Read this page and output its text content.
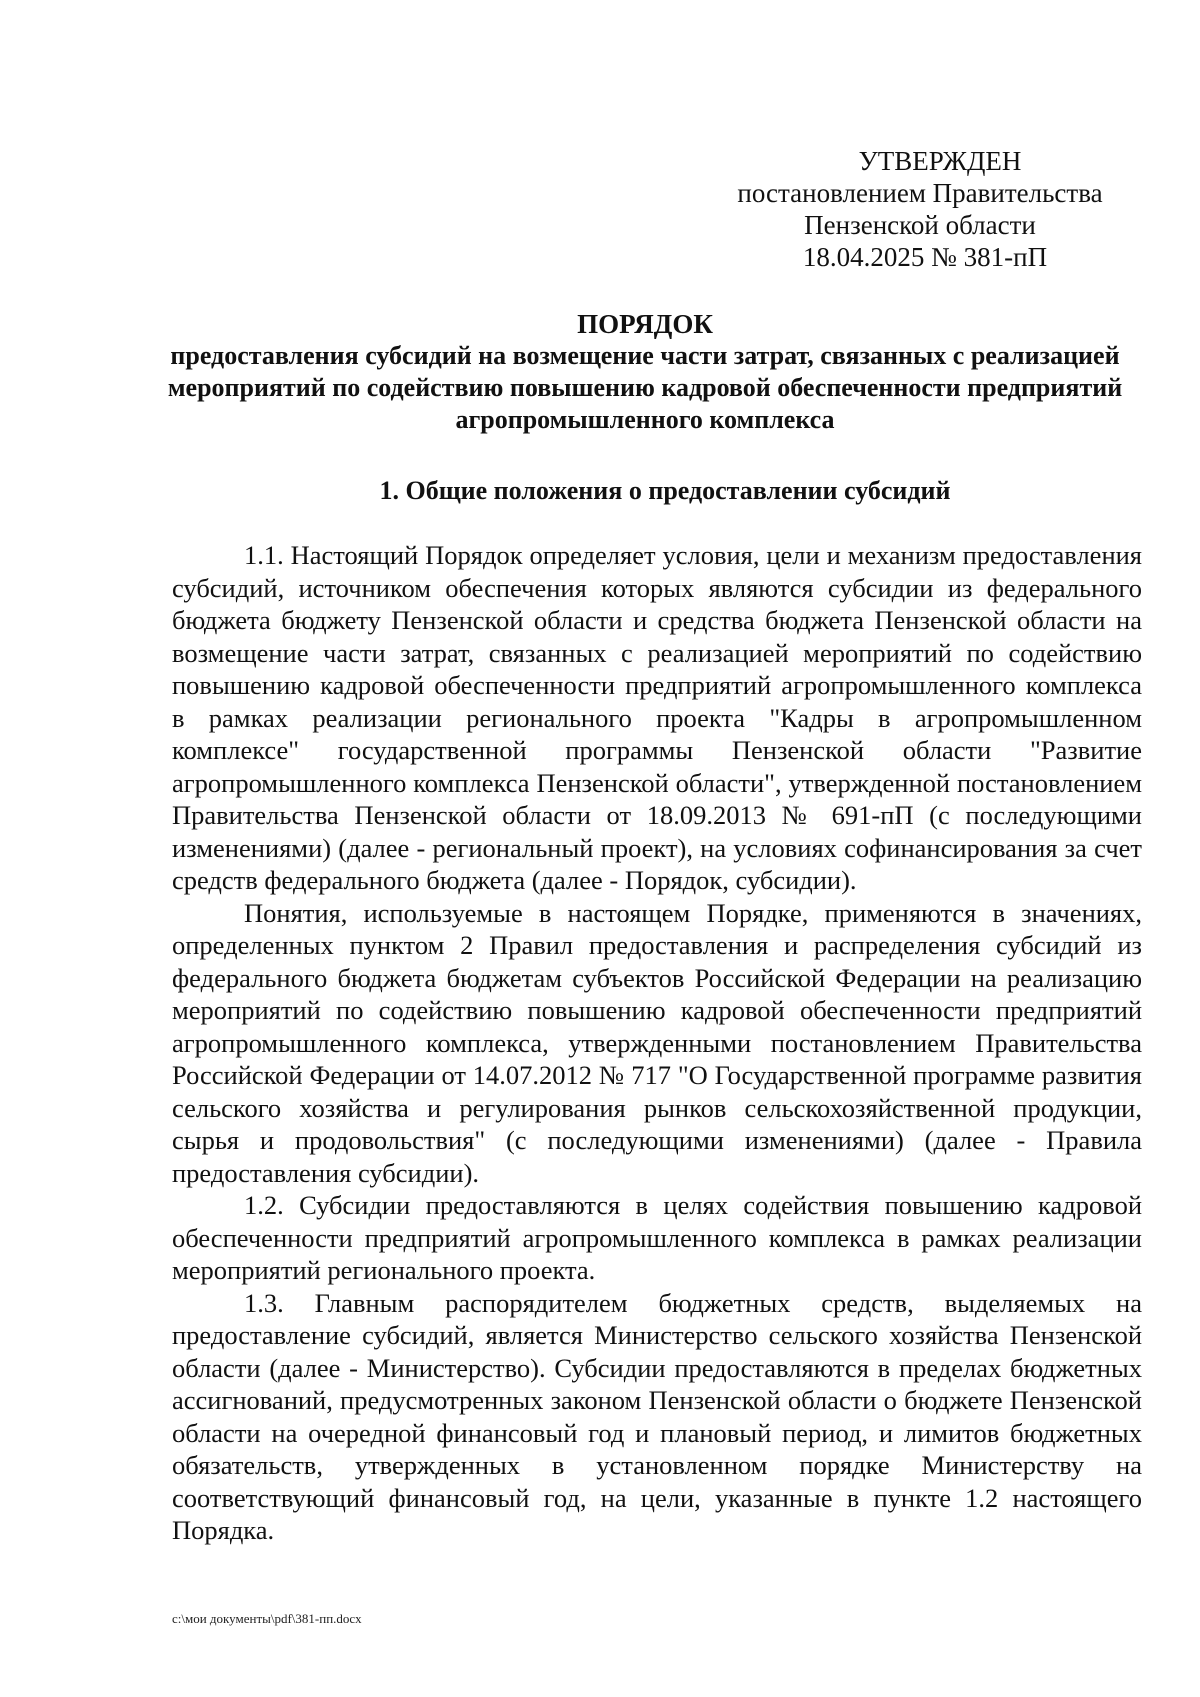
УТВЕРЖДЕН
постановлением Правительства
Пензенской области
18.04.2025 № 381-пП
ПОРЯДОК
предоставления субсидий на возмещение части затрат, связанных с реализацией мероприятий по содействию повышению кадровой обеспеченности предприятий агропромышленного комплекса
1. Общие положения о предоставлении субсидий

1.1. Настоящий Порядок определяет условия, цели и механизм предоставления субсидий, источником обеспечения которых являются субсидии из федерального бюджета бюджету Пензенской области и средства бюджета Пензенской области на возмещение части затрат, связанных с реализацией мероприятий по содействию повышению кадровой обеспеченности предприятий агропромышленного комплекса в рамках реализации регионального проекта "Кадры в агропромышленном комплексе" государственной программы Пензенской области "Развитие агропромышленного комплекса Пензенской области", утвержденной постановлением Правительства Пензенской области от 18.09.2013 № 691-пП (с последующими изменениями) (далее - региональный проект), на условиях софинансирования за счет средств федерального бюджета (далее - Порядок, субсидии).

Понятия, используемые в настоящем Порядке, применяются в значениях, определенных пунктом 2 Правил предоставления и распределения субсидий из федерального бюджета бюджетам субъектов Российской Федерации на реализацию мероприятий по содействию повышению кадровой обеспеченности предприятий агропромышленного комплекса, утвержденными постановлением Правительства Российской Федерации от 14.07.2012 № 717 "О Государственной программе развития сельского хозяйства и регулирования рынков сельскохозяйственной продукции, сырья и продовольствия" (с последующими изменениями) (далее - Правила предоставления субсидии).

1.2. Субсидии предоставляются в целях содействия повышению кадровой обеспеченности предприятий агропромышленного комплекса в рамках реализации мероприятий регионального проекта.

1.3. Главным распорядителем бюджетных средств, выделяемых на предоставление субсидий, является Министерство сельского хозяйства Пензенской области (далее - Министерство). Субсидии предоставляются в пределах бюджетных ассигнований, предусмотренных законом Пензенской области о бюджете Пензенской области на очередной финансовый год и плановый период, и лимитов бюджетных обязательств, утвержденных в установленном порядке Министерству на соответствующий финансовый год, на цели, указанные в пункте 1.2 настоящего Порядка.

c:\мои документы\pdf\381-пп.docx
